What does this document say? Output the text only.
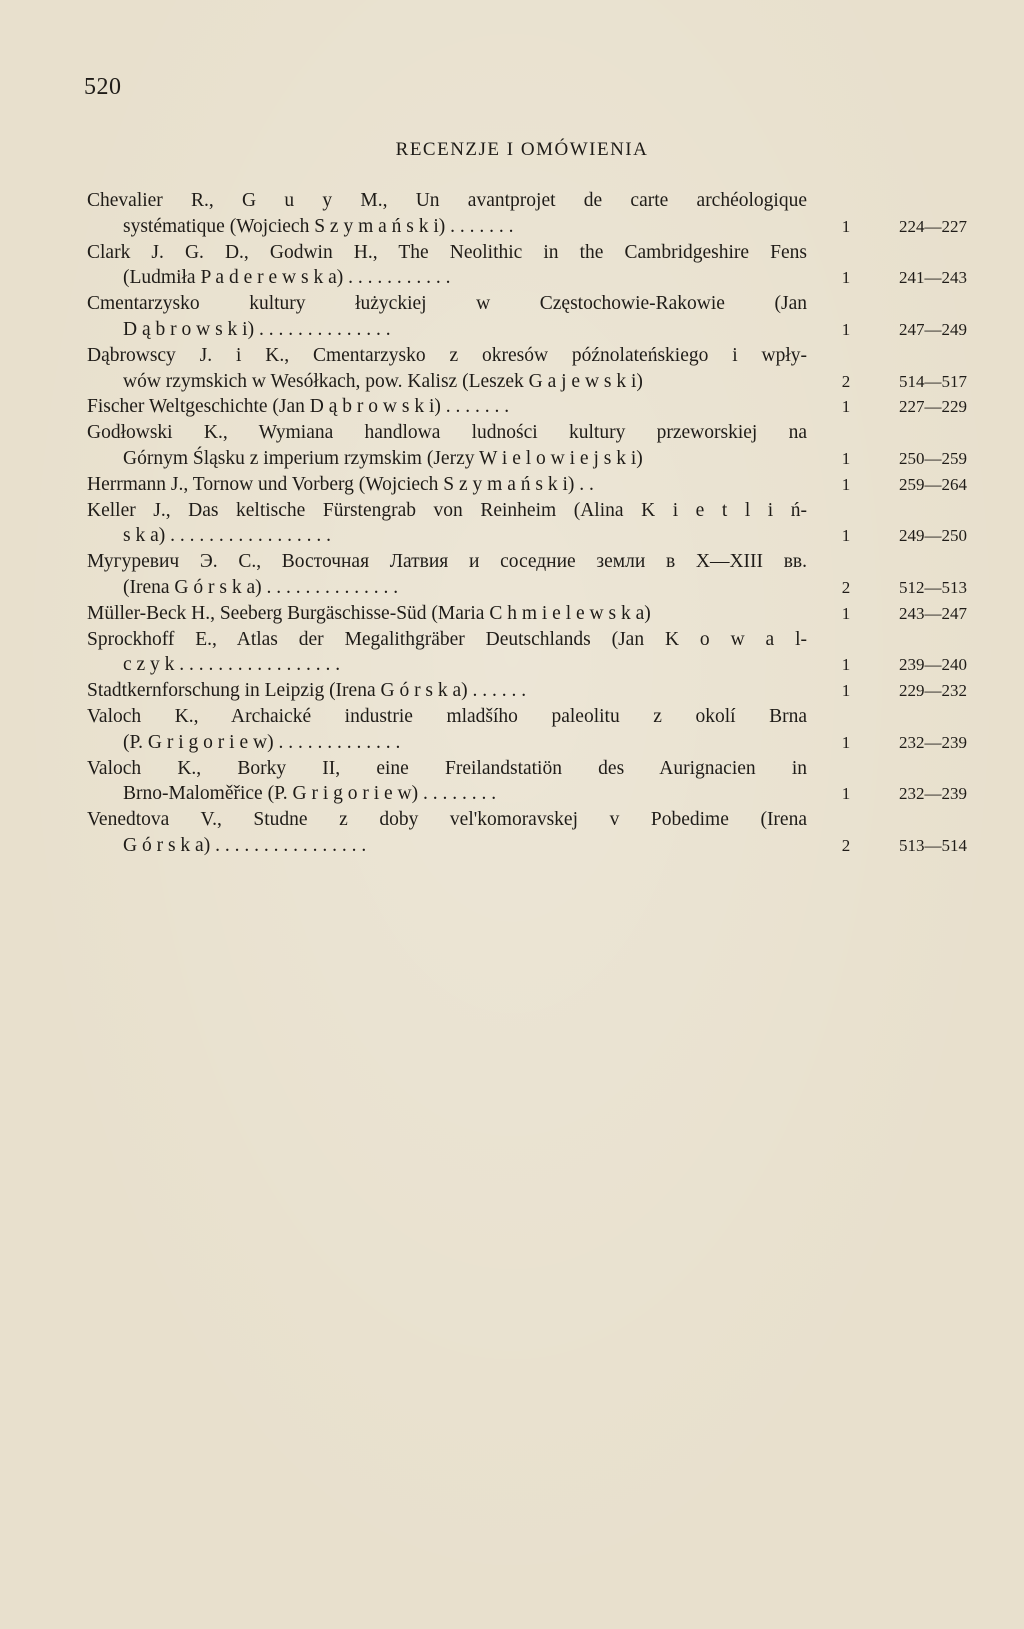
520
RECENZJE I OMÓWIENIA
Chevalier R., G u y M., Un avantprojet de carte archéologique
systématique (Wojciech S z y m a ń s k i) . . . . . . .	1	224—227
Clark J. G. D., Godwin H., The Neolithic in the Cambridgeshire Fens
(Ludmiła P a d e r e w s k a) . . . . . . . . . . .	1	241—243
Cmentarzysko kultury łużyckiej w Częstochowie-Rakowie (Jan
D ą b r o w s k i) . . . . . . . . . . . . . .	1	247—249
Dąbrowscy J. i K., Cmentarzysko z okresów późnolateńskiego i wpły-
wów rzymskich w Wesółkach, pow. Kalisz (Leszek G a j e w s k i)	2	514—517
Fischer Weltgeschichte (Jan D ą b r o w s k i) . . . . . . .	1	227—229
Godłowski K., Wymiana handlowa ludności kultury przeworskiej na
Górnym Śląsku z imperium rzymskim (Jerzy W i e l o w i e j s k i)	1	250—259
Herrmann J., Tornow und Vorberg (Wojciech S z y m a ń s k i) . .	1	259—264
Keller J., Das keltische Fürstengrab von Reinheim (Alina K i e t l i ń-
s k a) . . . . . . . . . . . . . . . . .	1	249—250
Мугуревич Э. С., Восточная Латвия и соседние земли в X—XIII вв.
(Irena G ó r s k a) . . . . . . . . . . . . . .	2	512—513
Müller-Beck H., Seeberg Burgäschisse-Süd (Maria C h m i e l e w s k a)	1	243—247
Sprockhoff E., Atlas der Megalithgräber Deutschlands (Jan K o w a l-
c z y k . . . . . . . . . . . . . . . . .	1	239—240
Stadtkernforschung in Leipzig (Irena G ó r s k a) . . . . . .	1	229—232
Valoch K., Archaické industrie mladšího paleolitu z okolí Brna
(P. G r i g o r i e w) . . . . . . . . . . . . .	1	232—239
Valoch K., Borky II, eine Freilandstatiön des Aurignacien in
Brno-Maloměřice (P. G r i g o r i e w) . . . . . . . .	1	232—239
Venedtova V., Studne z doby vel'komoravskej v Pobedime (Irena
G ó r s k a) . . . . . . . . . . . . . . . .	2	513—514
